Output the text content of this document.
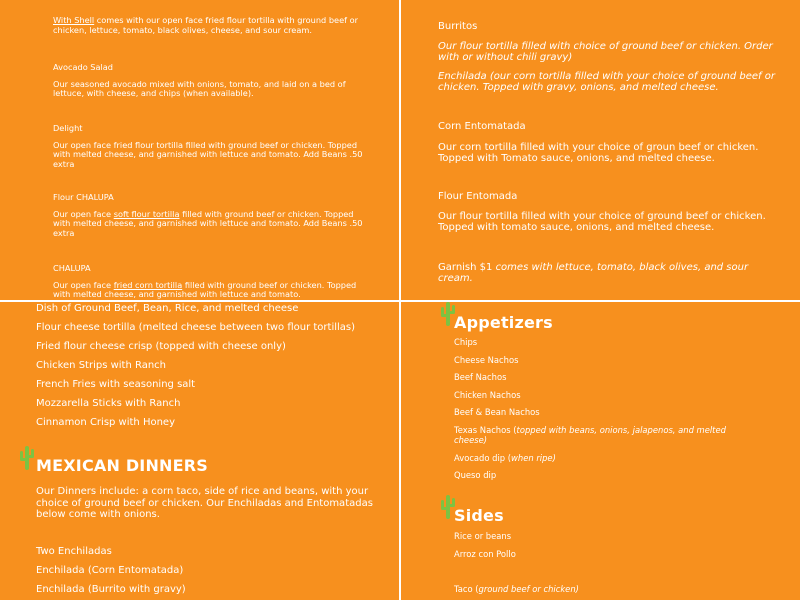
With Shell comes with our open face fried flour tortilla with ground beef or chicken, lettuce, tomato, black olives, cheese, and sour cream.
Avocado Salad
Our seasoned avocado mixed with onions, tomato, and laid on a bed of lettuce, with cheese, and chips (when available).
Delight
Our open face fried flour tortilla filled with ground beef or chicken. Topped with melted cheese, and garnished with lettuce and tomato. Add Beans .50 extra
Flour CHALUPA
Our open face soft flour tortilla filled with ground beef or chicken. Topped with melted cheese, and garnished with lettuce and tomato. Add Beans .50 extra
CHALUPA
Our open face fried corn tortilla filled with ground beef or chicken. Topped with melted cheese, and garnished with lettuce and tomato.
Burritos
Our flour tortilla filled with choice of ground beef or chicken. Order with or without chili gravy)
Enchilada (our corn tortilla filled with your choice of ground beef or chicken. Topped with gravy, onions, and melted cheese.
Corn Entomatada
Our corn tortilla filled with your choice of groun beef or chicken. Topped with Tomato sauce, onions, and melted cheese.
Flour Entomada
Our flour tortilla filled with your choice of ground beef or chicken. Topped with tomato sauce, onions, and melted cheese.
Garnish $1 comes with lettuce, tomato, black olives, and sour cream.
Dish of Ground Beef, Bean, Rice, and melted cheese
Flour cheese tortilla (melted cheese between two flour tortillas)
Fried flour cheese crisp (topped with cheese only)
Chicken Strips with Ranch
French Fries with seasoning salt
Mozzarella Sticks with Ranch
Cinnamon Crisp with Honey
MEXICAN DINNERS
Our Dinners include: a corn taco, side of rice and beans, with your choice of ground beef or chicken. Our Enchiladas and Entomatadas below come with onions.
Two Enchiladas
Enchilada (Corn Entomatada)
Enchilada (Burrito with gravy)
Appetizers
Chips
Cheese Nachos
Beef Nachos
Chicken Nachos
Beef & Bean Nachos
Texas Nachos (topped with beans, onions, jalapenos, and melted cheese)
Avocado dip (when ripe)
Queso dip
Sides
Rice or beans
Arroz con Pollo
Taco (ground beef or chicken)
